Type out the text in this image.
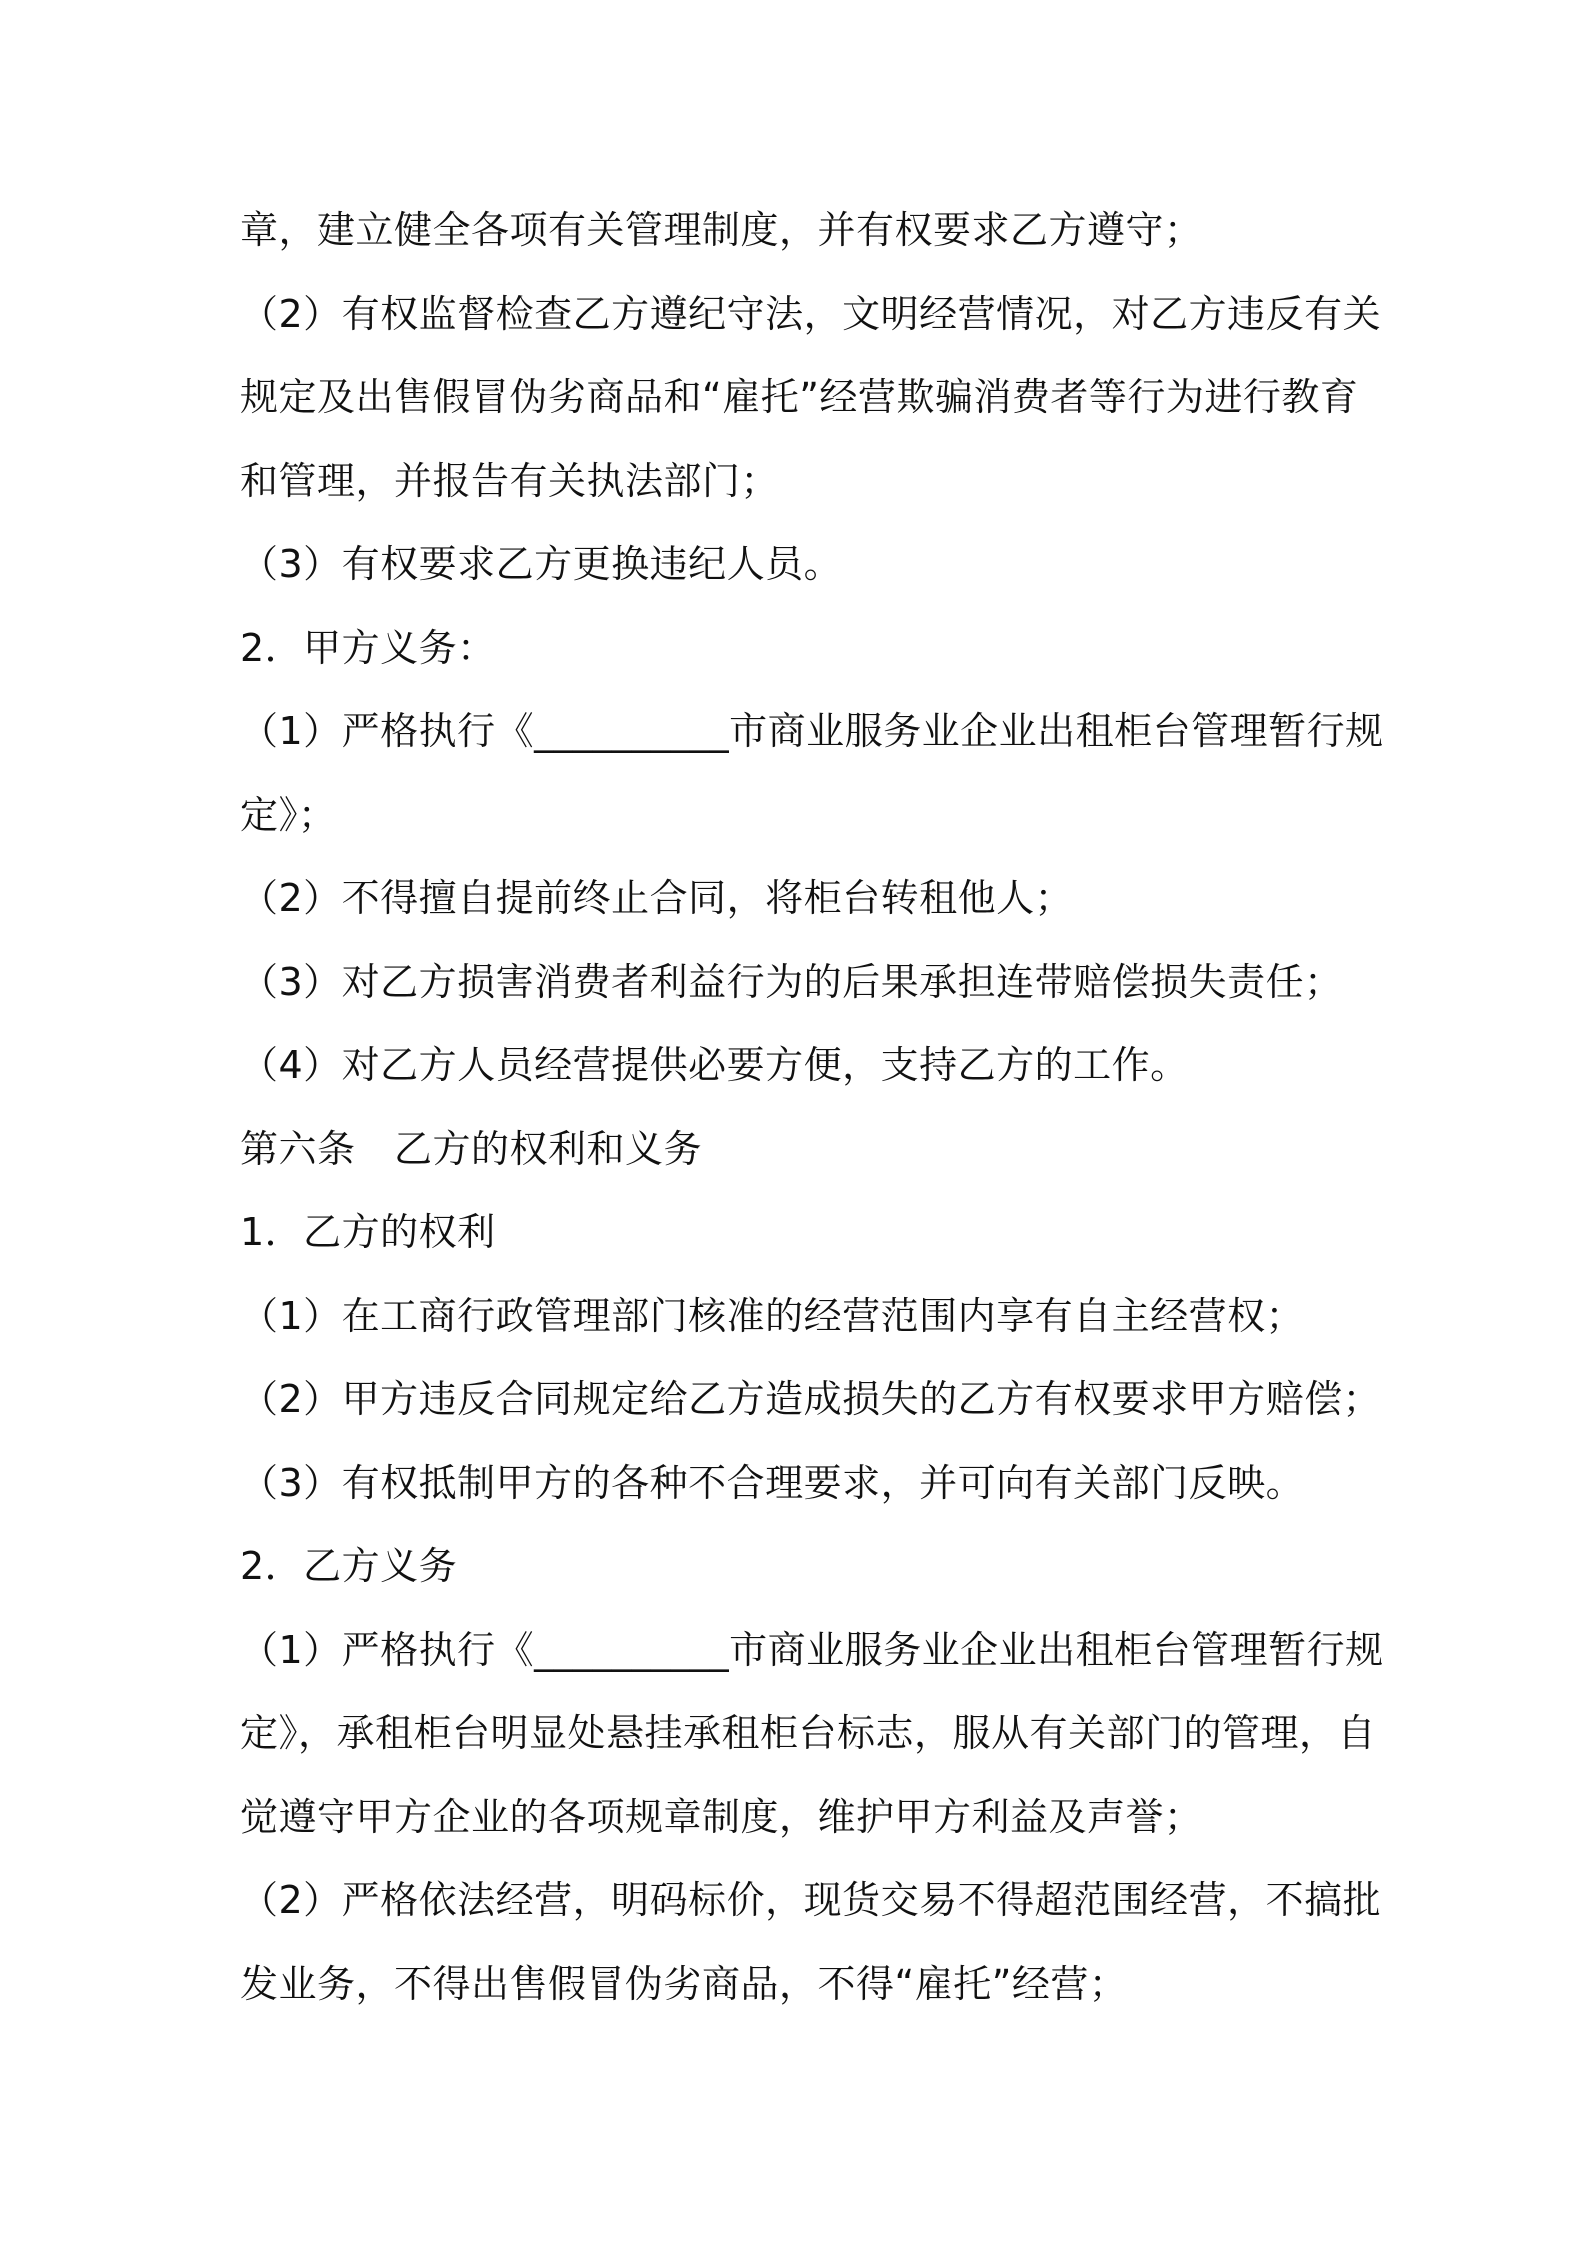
章，建立健全各项有关管理制度，并有权要求乙方遵守；
（2）有权监督检查乙方遵纪守法，文明经营情况，对乙方违反有关
规定及出售假冒伪劣商品和“雇托”经营欺骗消费者等行为进行教育
和管理，并报告有关执法部门；
（3）有权要求乙方更换违纪人员。
2．甲方义务：
（1）严格执行《__________市商业服务业企业出租柜台管理暂行规
定》；
（2）不得擅自提前终止合同，将柜台转租他人；
（3）对乙方损害消费者利益行为的后果承担连带赔偿损失责任；
（4）对乙方人员经营提供必要方便，支持乙方的工作。
第六条　乙方的权利和义务
1．乙方的权利
（1）在工商行政管理部门核准的经营范围内享有自主经营权；
（2）甲方违反合同规定给乙方造成损失的乙方有权要求甲方赔偿；
（3）有权抵制甲方的各种不合理要求，并可向有关部门反映。
2．乙方义务
（1）严格执行《__________市商业服务业企业出租柜台管理暂行规
定》，承租柜台明显处悬挂承租柜台标志，服从有关部门的管理，自
觉遵守甲方企业的各项规章制度，维护甲方利益及声誉；
（2）严格依法经营，明码标价，现货交易不得超范围经营，不搞批
发业务，不得出售假冒伪劣商品，不得“雇托”经营；
